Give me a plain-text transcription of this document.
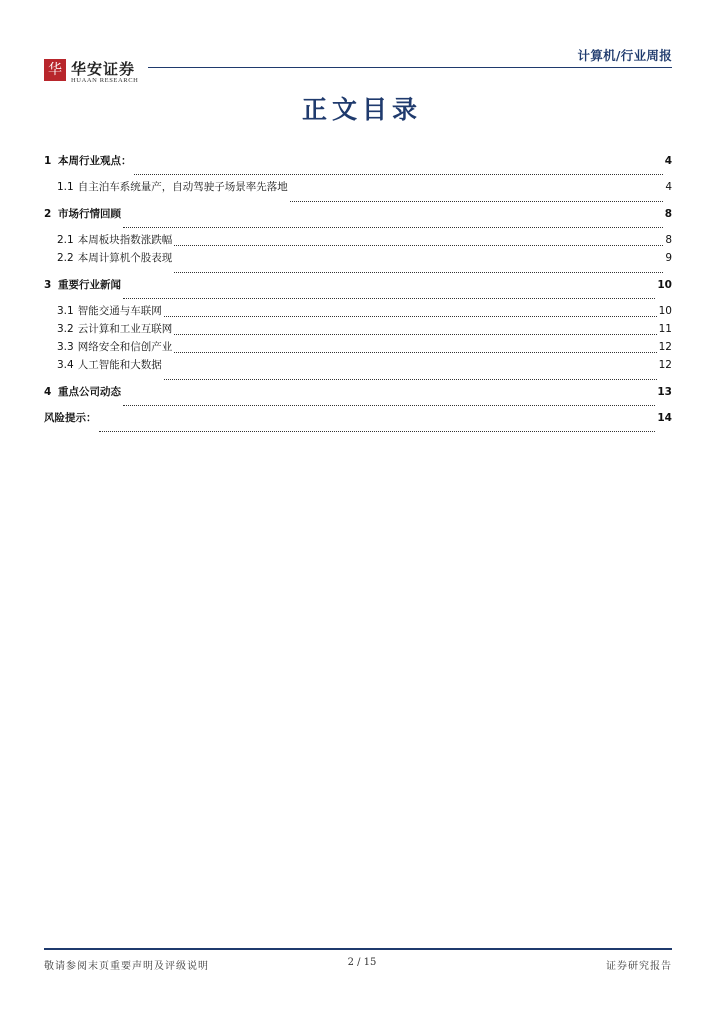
华 华安证券
HUAAN RESEARCH
计算机/行业周报
正文目录
1 本周行业观点：	4
1.1 自主泊车系统量产，自动驾驶子场景率先落地	4
2 市场行情回顾	8
2.1 本周板块指数涨跌幅	8
2.2 本周计算机个股表现	9
3 重要行业新闻	10
3.1 智能交通与车联网	10
3.2 云计算和工业互联网	11
3.3 网络安全和信创产业	12
3.4 人工智能和大数据	12
4 重点公司动态	13
风险提示：	14
敬请参阅末页重要声明及评级说明	2 / 15	证券研究报告
